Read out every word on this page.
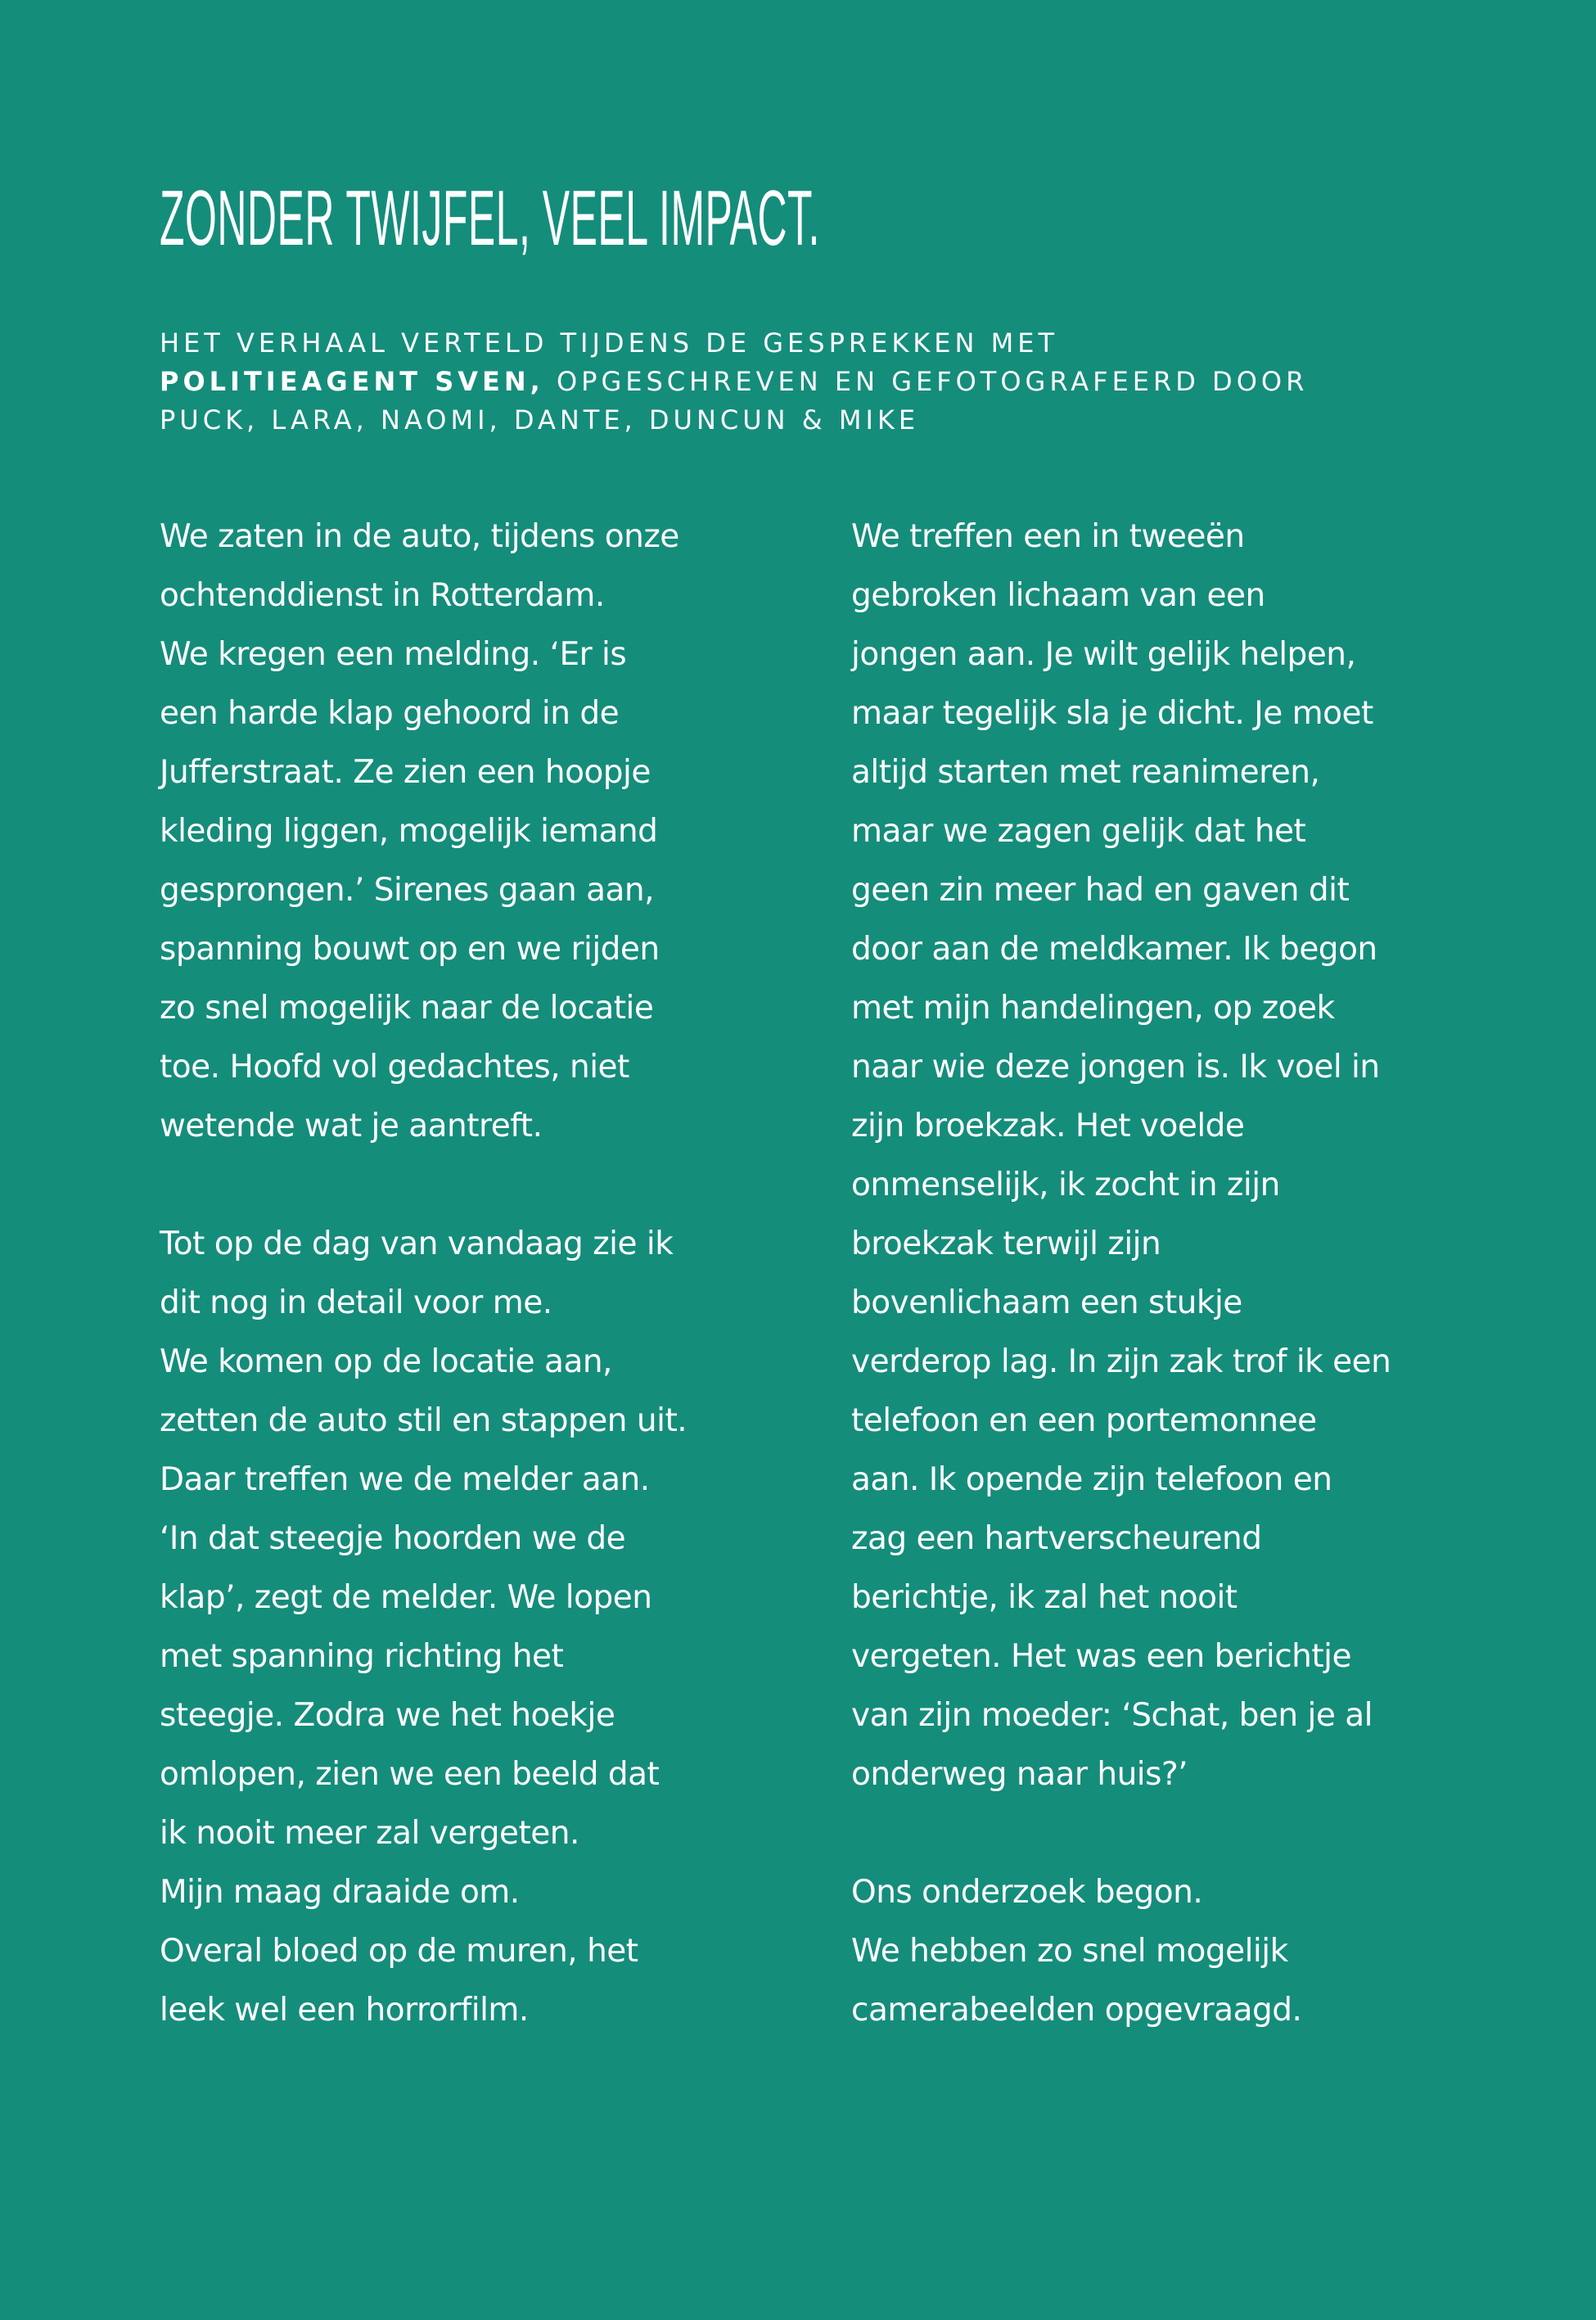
ZONDER TWIJFEL, VEEL IMPACT.
HET VERHAAL VERTELD TIJDENS DE GESPREKKEN MET
POLITIEAGENT SVEN, OPGESCHREVEN EN GEFOTOGRAFEERD DOOR
PUCK, LARA, NAOMI, DANTE, DUNCUN & MIKE
We zaten in de auto, tijdens onze
ochtenddienst in Rotterdam.
We kregen een melding. ‘Er is
een harde klap gehoord in de
Jufferstraat. Ze zien een hoopje
kleding liggen, mogelijk iemand
gesprongen.’ Sirenes gaan aan,
spanning bouwt op en we rijden
zo snel mogelijk naar de locatie
toe. Hoofd vol gedachtes, niet
wetende wat je aantreft.
Tot op de dag van vandaag zie ik
dit nog in detail voor me.
We komen op de locatie aan,
zetten de auto stil en stappen uit.
Daar treffen we de melder aan.
‘In dat steegje hoorden we de
klap’, zegt de melder. We lopen
met spanning richting het
steegje. Zodra we het hoekje
omlopen, zien we een beeld dat
ik nooit meer zal vergeten.
Mijn maag draaide om.
Overal bloed op de muren, het
leek wel een horrorfilm.
We treffen een in tweeën
gebroken lichaam van een
jongen aan. Je wilt gelijk helpen,
maar tegelijk sla je dicht. Je moet
altijd starten met reanimeren,
maar we zagen gelijk dat het
geen zin meer had en gaven dit
door aan de meldkamer. Ik begon
met mijn handelingen, op zoek
naar wie deze jongen is. Ik voel in
zijn broekzak. Het voelde
onmenselijk, ik zocht in zijn
broekzak terwijl zijn
bovenlichaam een stukje
verderop lag. In zijn zak trof ik een
telefoon en een portemonnee
aan. Ik opende zijn telefoon en
zag een hartverscheurend
berichtje, ik zal het nooit
vergeten. Het was een berichtje
van zijn moeder: ‘Schat, ben je al
onderweg naar huis?’
Ons onderzoek begon.
We hebben zo snel mogelijk
camerabeelden opgevraagd.
